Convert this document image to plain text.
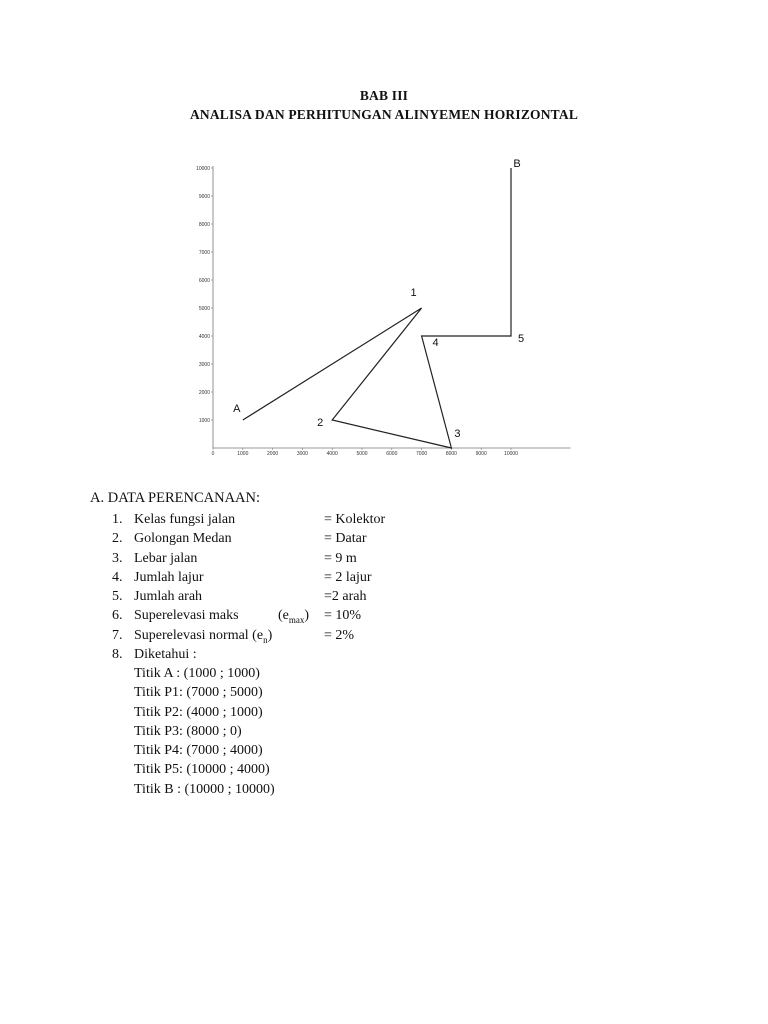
BAB III
ANALISA DAN PERHITUNGAN ALINYEMEN HORIZONTAL
0	1000	2000	3000	4000	5000	6000	7000	8000	9000	10000
1000
2000
3000
4000
5000
6000
7000
8000
9000
10000
A
1
2
3
4	5
B
A. DATA PERENCANAAN:
1. Kelas fungsi jalan	= Kolektor
2. Golongan Medan	= Datar
3. Lebar jalan	= 9 m
4. Jumlah lajur	= 2 lajur
5. Jumlah arah	=2 arah
6. Superelevasi maks	$(e_{max}) = 10\%$
7. Superelevasi normal $(e_n)$	= 2%
8. Diketahui :
Titik A : (1000 ; 1000)
Titik P1: (7000 ; 5000)
Titik P2: (4000 ; 1000)
Titik P3: (8000 ; 0)
Titik P4: (7000 ; 4000)
Titik P5: (10000 ; 4000)
Titik B : (10000 ; 10000)
